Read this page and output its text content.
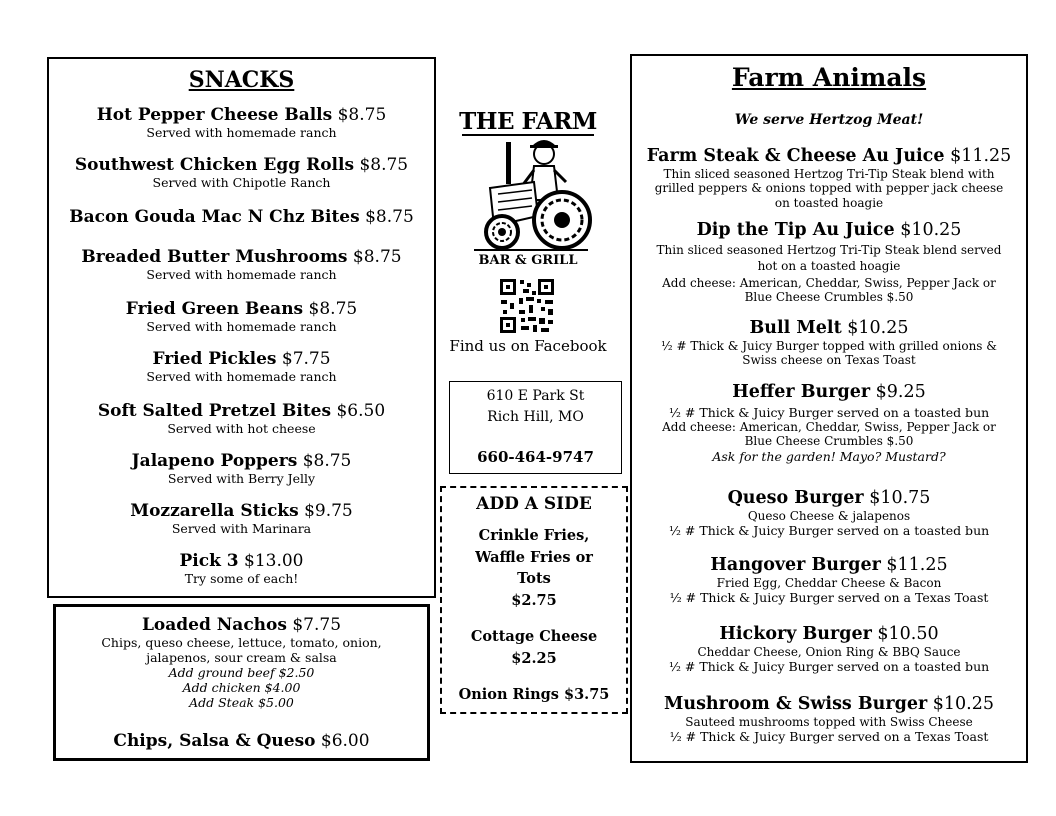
SNACKS
Hot Pepper Cheese Balls $8.75
Served with homemade ranch
Southwest Chicken Egg Rolls $8.75
Served with Chipotle Ranch
Bacon Gouda Mac N Chz Bites $8.75
Breaded Butter Mushrooms $8.75
Served with homemade ranch
Fried Green Beans $8.75
Served with homemade ranch
Fried Pickles $7.75
Served with homemade ranch
Soft Salted Pretzel Bites $6.50
Served with hot cheese
Jalapeno Poppers $8.75
Served with Berry Jelly
Mozzarella Sticks $9.75
Served with Marinara
Pick 3 $13.00
Try some of each!
Loaded Nachos $7.75
Chips, queso cheese, lettuce, tomato, onion,
jalapenos, sour cream & salsa
Add ground beef $2.50
Add chicken $4.00
Add Steak $5.00
Chips, Salsa & Queso $6.00
THE FARM
BAR & GRILL
Find us on Facebook
610 E Park St
Rich Hill, MO
660-464-9747
ADD A SIDE
Crinkle Fries,
Waffle Fries or
Tots
$2.75
Cottage Cheese
$2.25
Onion Rings $3.75
Farm Animals
We serve Hertzog Meat!
Farm Steak & Cheese Au Juice $11.25
Thin sliced seasoned Hertzog Tri-Tip Steak blend with
grilled peppers & onions topped with pepper jack cheese
on toasted hoagie
Dip the Tip Au Juice $10.25
Thin sliced seasoned Hertzog Tri-Tip Steak blend served
hot on a toasted hoagie
Add cheese: American, Cheddar, Swiss, Pepper Jack or
Blue Cheese Crumbles $.50
Bull Melt $10.25
½ # Thick & Juicy Burger topped with grilled onions &
Swiss cheese on Texas Toast
Heffer Burger $9.25
½ # Thick & Juicy Burger served on a toasted bun
Add cheese: American, Cheddar, Swiss, Pepper Jack or
Blue Cheese Crumbles $.50
Ask for the garden! Mayo? Mustard?
Queso Burger $10.75
Queso Cheese & jalapenos
½ # Thick & Juicy Burger served on a toasted bun
Hangover Burger $11.25
Fried Egg, Cheddar Cheese & Bacon
½ # Thick & Juicy Burger served on a Texas Toast
Hickory Burger $10.50
Cheddar Cheese, Onion Ring & BBQ Sauce
½ # Thick & Juicy Burger served on a toasted bun
Mushroom & Swiss Burger $10.25
Sauteed mushrooms topped with Swiss Cheese
½ # Thick & Juicy Burger served on a Texas Toast
